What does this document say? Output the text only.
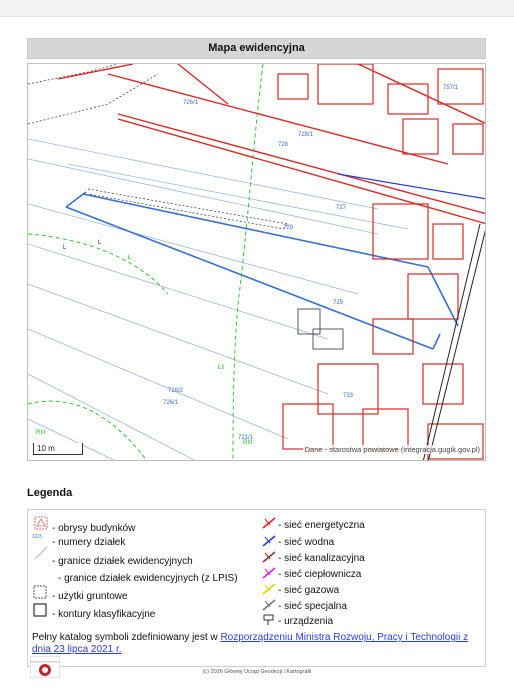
Mapa ewidencyjna
728/1
729
728
727
726/1
728/2
725
721/1
733
726/1
757/1
L
L
Ł
ŁII
RIII
RIII
10 m	Dane - starostwa powiatowe (integracja.gugik.gov.pl)
Legenda
- obrysy budynków
12/3 - numery działek
- granice działek ewidencyjnych
- granice działek ewidencyjnych (z LPIS)
- użytki gruntowe
- kontury klasyfikacyjne
- sieć energetyczna
- sieć wodna
- sieć kanalizacyjna
- sieć ciepłownicza
- sieć gazowa
- sieć specjalna
- urządzenia
Pełny katalog symboli zdefiniowany jest w Rozporządzeniu Ministra Rozwoju, Pracy i Technologii z dnia 23 lipca 2021 r.
(c) 2026 Główny Urząd Geodezji i Kartografii
